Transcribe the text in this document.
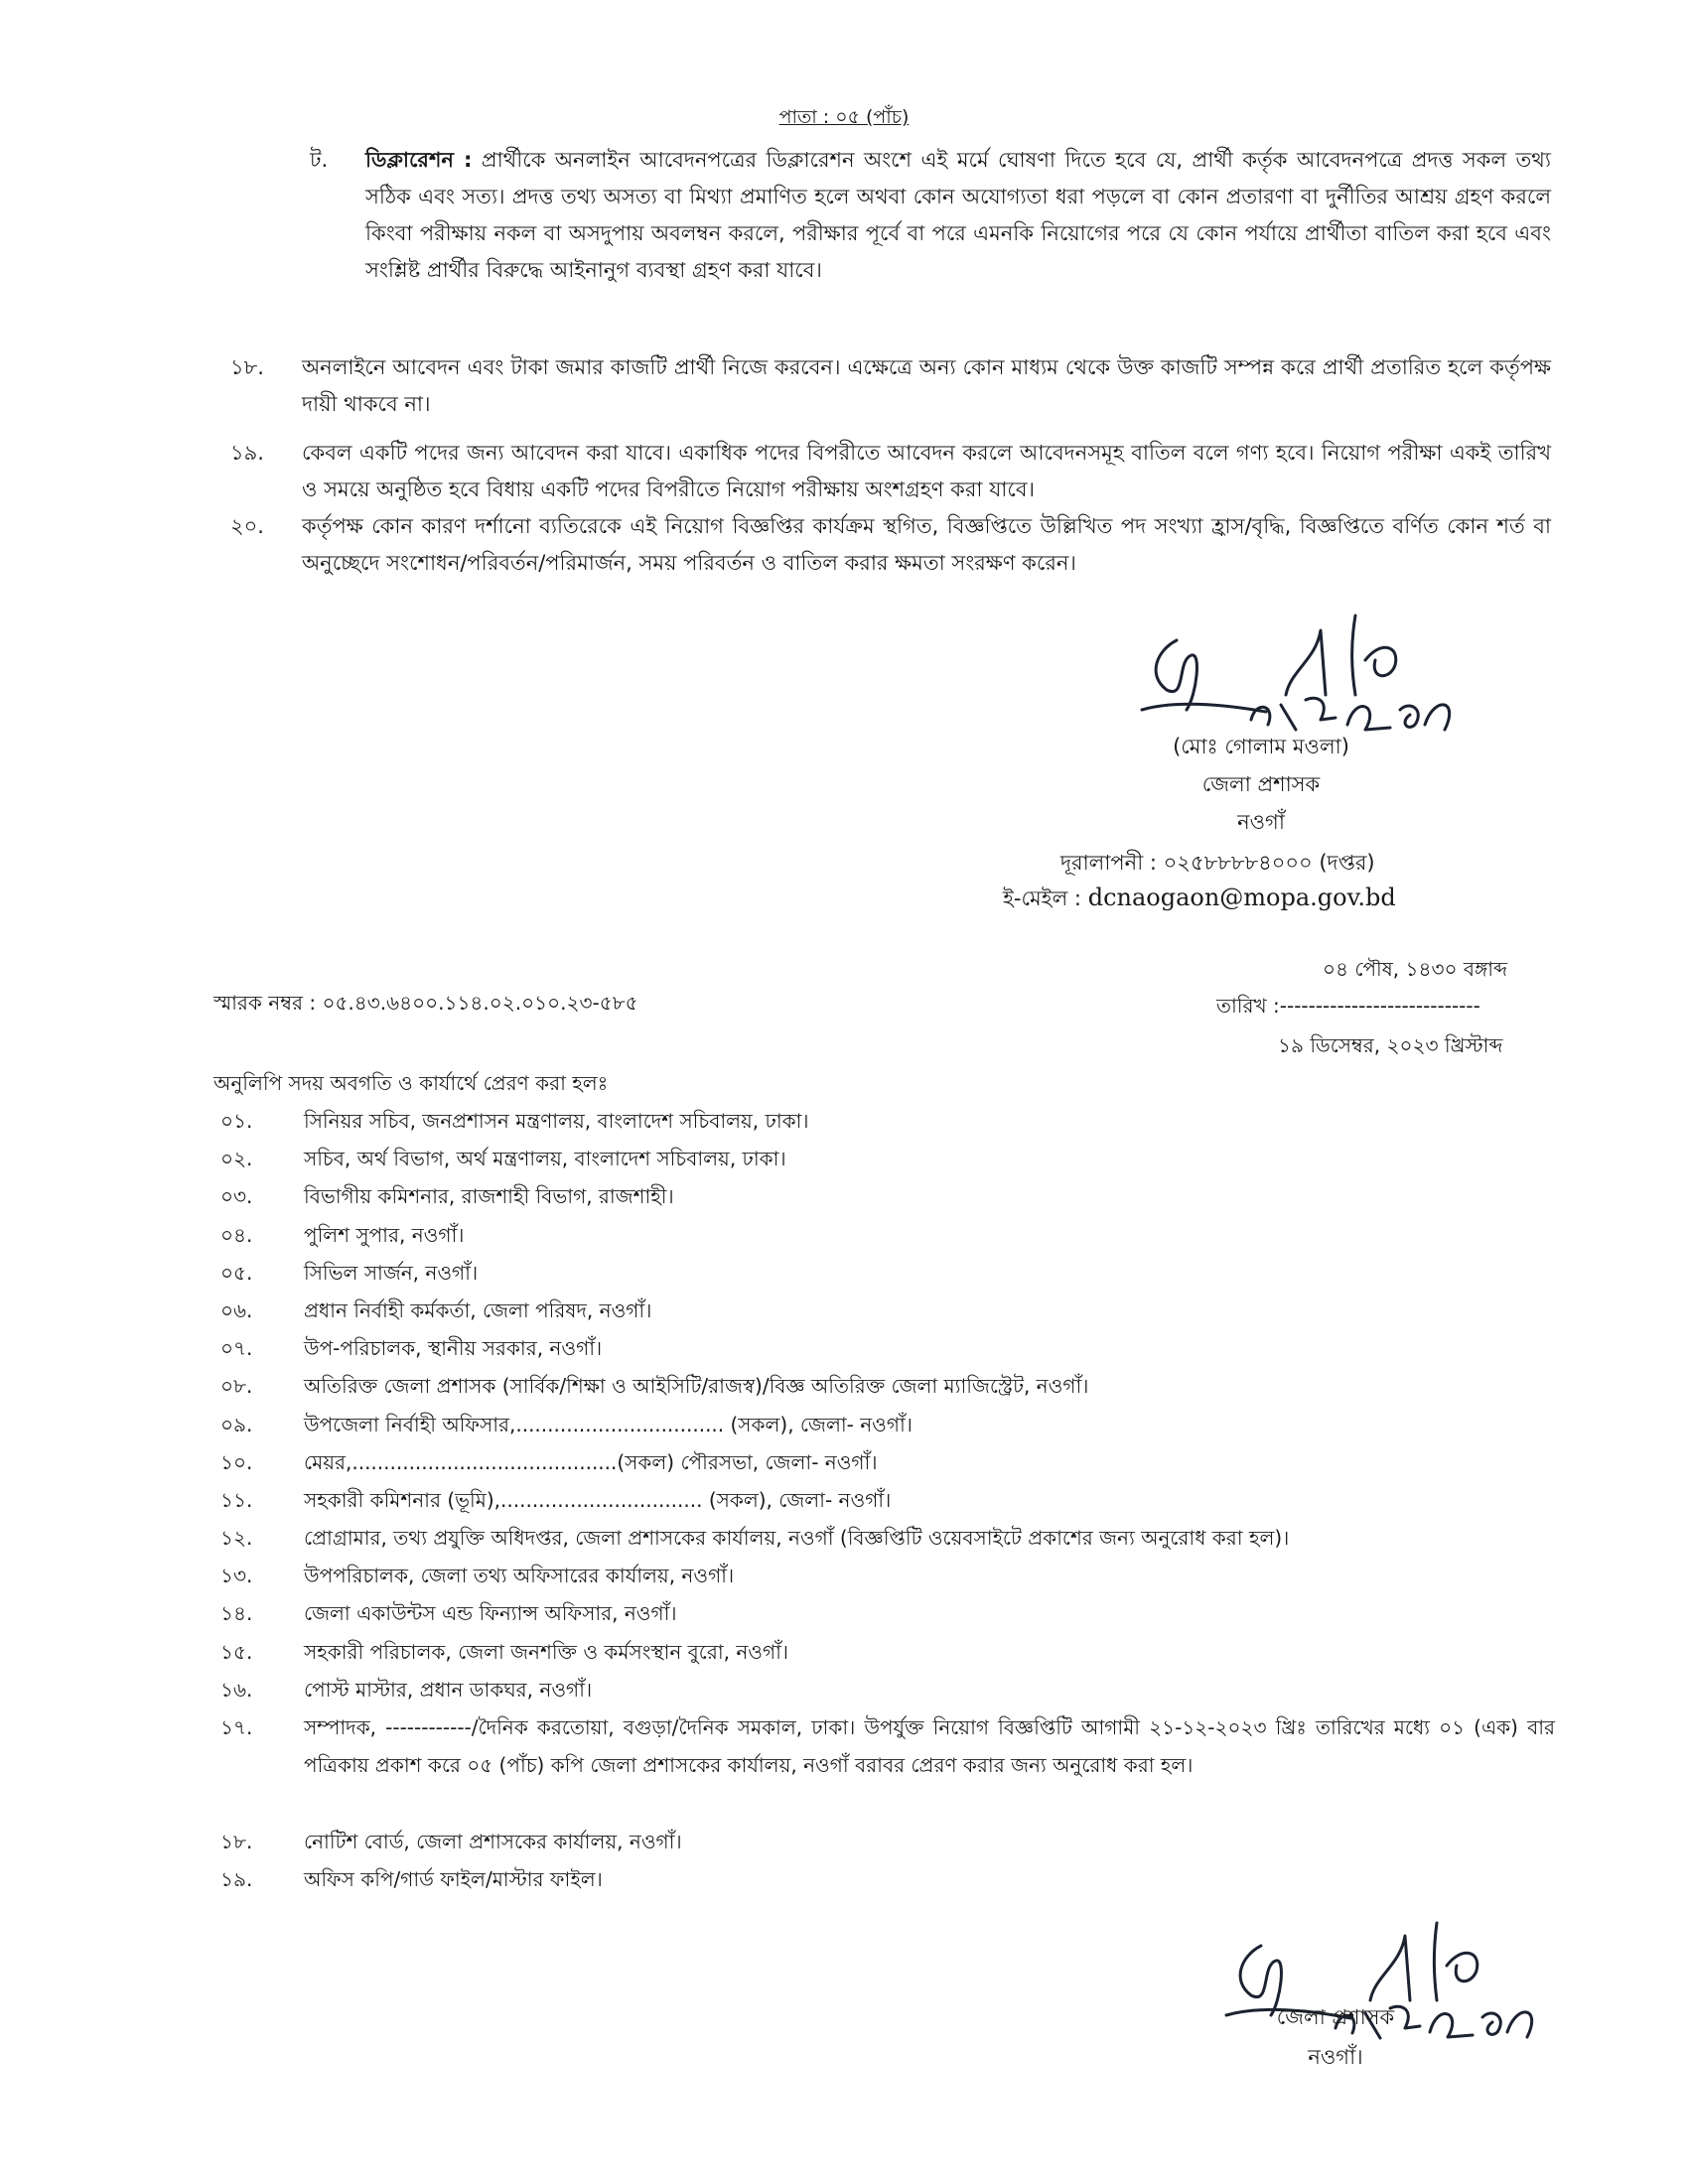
পাতা : ০৫ (পাঁচ)
ট. ডিক্লারেশন : প্রার্থীকে অনলাইন আবেদনপত্রের ডিক্লারেশন অংশে এই মর্মে ঘোষণা দিতে হবে যে, প্রার্থী কর্তৃক আবেদনপত্রে প্রদত্ত সকল তথ্য সঠিক এবং সত্য। প্রদত্ত তথ্য অসত্য বা মিথ্যা প্রমাণিত হলে অথবা কোন অযোগ্যতা ধরা পড়লে বা কোন প্রতারণা বা দুর্নীতির আশ্রয় গ্রহণ করলে কিংবা পরীক্ষায় নকল বা অসদুপায় অবলম্বন করলে, পরীক্ষার পূর্বে বা পরে এমনকি নিয়োগের পরে যে কোন পর্যায়ে প্রার্থীতা বাতিল করা হবে এবং সংশ্লিষ্ট প্রার্থীর বিরুদ্ধে আইনানুগ ব্যবস্থা গ্রহণ করা যাবে।
১৮. অনলাইনে আবেদন এবং টাকা জমার কাজটি প্রার্থী নিজে করবেন। এক্ষেত্রে অন্য কোন মাধ্যম থেকে উক্ত কাজটি সম্পন্ন করে প্রার্থী প্রতারিত হলে কর্তৃপক্ষ দায়ী থাকবে না।
১৯. কেবল একটি পদের জন্য আবেদন করা যাবে। একাধিক পদের বিপরীতে আবেদন করলে আবেদনসমূহ বাতিল বলে গণ্য হবে। নিয়োগ পরীক্ষা একই তারিখ ও সময়ে অনুষ্ঠিত হবে বিধায় একটি পদের বিপরীতে নিয়োগ পরীক্ষায় অংশগ্রহণ করা যাবে।
২০. কর্তৃপক্ষ কোন কারণ দর্শানো ব্যতিরেকে এই নিয়োগ বিজ্ঞপ্তির কার্যক্রম স্থগিত, বিজ্ঞপ্তিতে উল্লিখিত পদ সংখ্যা হ্রাস/বৃদ্ধি, বিজ্ঞপ্তিতে বর্ণিত কোন শর্ত বা অনুচ্ছেদে সংশোধন/পরিবর্তন/পরিমার্জন, সময় পরিবর্তন ও বাতিল করার ক্ষমতা সংরক্ষণ করেন।
(মোঃ গোলাম মওলা)
জেলা প্রশাসক
নওগাঁ
দূরালাপনী : ০২৫৮৮৮৮৪০০০ (দপ্তর)
ই-মেইল : dcnaogaon@mopa.gov.bd
০৪ পৌষ, ১৪৩০ বঙ্গাব্দ
স্মারক নম্বর : ০৫.৪৩.৬৪০০.১১৪.০২.০১০.২৩-৫৮৫	তারিখ :----------------------------
১৯ ডিসেম্বর, ২০২৩ খ্রিস্টাব্দ
অনুলিপি সদয় অবগতি ও কার্যার্থে প্রেরণ করা হলঃ
০১.	সিনিয়র সচিব, জনপ্রশাসন মন্ত্রণালয়, বাংলাদেশ সচিবালয়, ঢাকা।
০২.	সচিব, অর্থ বিভাগ, অর্থ মন্ত্রণালয়, বাংলাদেশ সচিবালয়, ঢাকা।
০৩.	বিভাগীয় কমিশনার, রাজশাহী বিভাগ, রাজশাহী।
০৪.	পুলিশ সুপার, নওগাঁ।
০৫.	সিভিল সার্জন, নওগাঁ।
০৬.	প্রধান নির্বাহী কর্মকর্তা, জেলা পরিষদ, নওগাঁ।
০৭.	উপ-পরিচালক, স্থানীয় সরকার, নওগাঁ।
০৮.	অতিরিক্ত জেলা প্রশাসক (সার্বিক/শিক্ষা ও আইসিটি/রাজস্ব)/বিজ্ঞ অতিরিক্ত জেলা ম্যাজিস্ট্রেট, নওগাঁ।
০৯.	উপজেলা নির্বাহী অফিসার,................................. (সকল), জেলা- নওগাঁ।
১০.	মেয়র,..........................................(সকল) পৌরসভা, জেলা- নওগাঁ।
১১.	সহকারী কমিশনার (ভূমি),................................ (সকল), জেলা- নওগাঁ।
১২.	প্রোগ্রামার, তথ্য প্রযুক্তি অধিদপ্তর, জেলা প্রশাসকের কার্যালয়, নওগাঁ (বিজ্ঞপ্তিটি ওয়েবসাইটে প্রকাশের জন্য অনুরোধ করা হল)।
১৩.	উপপরিচালক, জেলা তথ্য অফিসারের কার্যালয়, নওগাঁ।
১৪.	জেলা একাউন্টস এন্ড ফিন্যান্স অফিসার, নওগাঁ।
১৫.	সহকারী পরিচালক, জেলা জনশক্তি ও কর্মসংস্থান বুরো, নওগাঁ।
১৬.	পোস্ট মাস্টার, প্রধান ডাকঘর, নওগাঁ।
১৭.	সম্পাদক, ------------/দৈনিক করতোয়া, বগুড়া/দৈনিক সমকাল, ঢাকা। উপর্যুক্ত নিয়োগ বিজ্ঞপ্তিটি আগামী ২১-১২-২০২৩ খ্রিঃ তারিখের মধ্যে ০১ (এক) বার পত্রিকায় প্রকাশ করে ০৫ (পাঁচ) কপি জেলা প্রশাসকের কার্যালয়, নওগাঁ বরাবর প্রেরণ করার জন্য অনুরোধ করা হল।
১৮.	নোটিশ বোর্ড, জেলা প্রশাসকের কার্যালয়, নওগাঁ।
১৯.	অফিস কপি/গার্ড ফাইল/মাস্টার ফাইল।
জেলা প্রশাসক
নওগাঁ।
